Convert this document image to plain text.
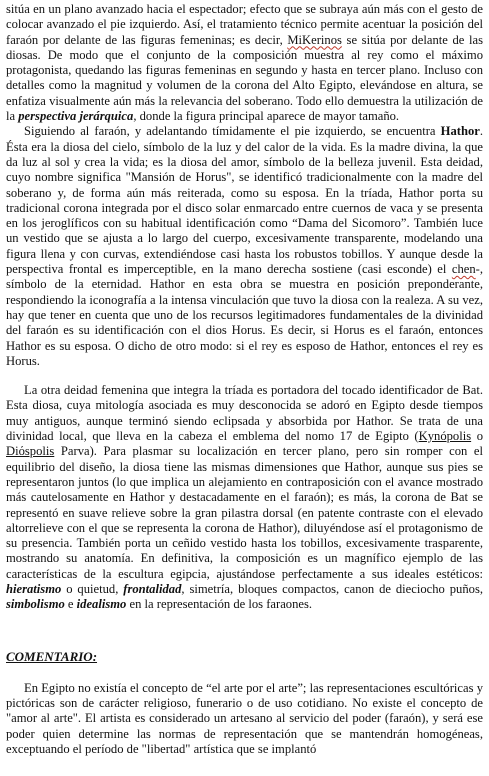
sitúa en un plano avanzado hacia el espectador; efecto que se subraya aún más con el gesto de colocar avanzado el pie izquierdo. Así, el tratamiento técnico permite acentuar la posición del faraón por delante de las figuras femeninas; es decir, MiKerinos se sitúa por delante de las diosas. De modo que el conjunto de la composición muestra al rey como el máximo protagonista, quedando las figuras femeninas en segundo y hasta en tercer plano. Incluso con detalles como la magnitud y volumen de la corona del Alto Egipto, elevándose en altura, se enfatiza visualmente aún más la relevancia del soberano. Todo ello demuestra la utilización de la perspectiva jerárquica, donde la figura principal aparece de mayor tamaño.

Siguiendo al faraón, y adelantando tímidamente el pie izquierdo, se encuentra Hathor. Ésta era la diosa del cielo, símbolo de la luz y del calor de la vida. Es la madre divina, la que da luz al sol y crea la vida; es la diosa del amor, símbolo de la belleza juvenil. Esta deidad, cuyo nombre significa "Mansión de Horus", se identificó tradicionalmente con la madre del soberano y, de forma aún más reiterada, como su esposa. En la tríada, Hathor porta su tradicional corona integrada por el disco solar enmarcado entre cuernos de vaca y se presenta en los jeroglíficos con su habitual identificación como “Dama del Sicomoro”. También luce un vestido que se ajusta a lo largo del cuerpo, excesivamente transparente, modelando una figura llena y con curvas, extendiéndose casi hasta los robustos tobillos. Y aunque desde la perspectiva frontal es imperceptible, en la mano derecha sostiene (casi esconde) el chen-, símbolo de la eternidad. Hathor en esta obra se muestra en posición preponderante, respondiendo la iconografía a la intensa vinculación que tuvo la diosa con la realeza. A su vez, hay que tener en cuenta que uno de los recursos legitimadores fundamentales de la divinidad del faraón es su identificación con el dios Horus. Es decir, si Horus es el faraón, entonces Hathor es su esposa. O dicho de otro modo: si el rey es esposo de Hathor, entonces el rey es Horus.

La otra deidad femenina que integra la tríada es portadora del tocado identificador de Bat. Esta diosa, cuya mitología asociada es muy desconocida se adoró en Egipto desde tiempos muy antiguos, aunque terminó siendo eclipsada y absorbida por Hathor. Se trata de una divinidad local, que lleva en la cabeza el emblema del nomo 17 de Egipto (Kynópolis o Diόspolis Parva). Para plasmar su localización en tercer plano, pero sin romper con el equilibrio del diseño, la diosa tiene las mismas dimensiones que Hathor, aunque sus pies se representaron juntos (lo que implica un alejamiento en contraposición con el avance mostrado más cautelosamente en Hathor y destacadamente en el faraón); es más, la corona de Bat se representó en suave relieve sobre la gran pilastra dorsal (en patente contraste con el elevado altorrelieve con el que se representa la corona de Hathor), diluyéndose así el protagonismo de su presencia. También porta un ceñido vestido hasta los tobillos, excesivamente trasparente, mostrando su anatomía. En definitiva, la composición es un magnífico ejemplo de las características de la escultura egipcia, ajustándose perfectamente a sus ideales estéticos: hieratismo o quietud, frontalidad, simetría, bloques compactos, canon de dieciocho puños, simbolismo e idealismo en la representación de los faraones.

COMENTARIO:

En Egipto no existía el concepto de “el arte por el arte”; las representaciones escultóricas y pictóricas son de carácter religioso, funerario o de uso cotidiano. No existe el concepto de "amor al arte". El artista es considerado un artesano al servicio del poder (faraón), y será ese poder quien determine las normas de representación que se mantendrán homogéneas, exceptuando el período de "libertad" artística que se implantó
